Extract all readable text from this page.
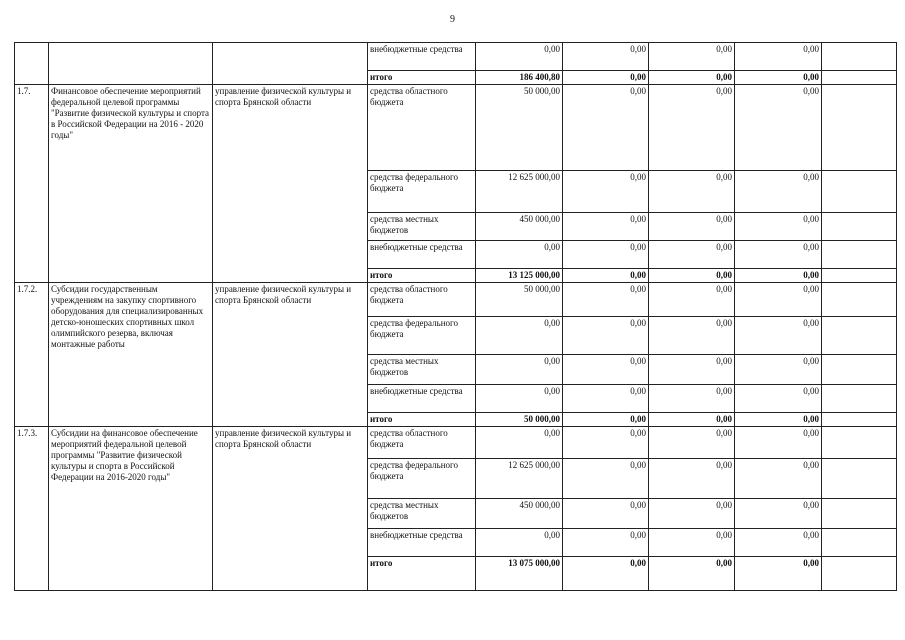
9
			внебюджетные средства	0,00	0,00	0,00	0,00	
			итого	186 400,80	0,00	0,00	0,00	
1.7.	Финансовое обеспечение мероприятий федеральной целевой программы "Развитие физической культуры и спорта в Российской Федерации на 2016 - 2020 годы"	управление физической культуры и спорта Брянской области	средства областного бюджета	50 000,00	0,00	0,00	0,00	
			средства федерального бюджета	12 625 000,00	0,00	0,00	0,00	
			средства местных бюджетов	450 000,00	0,00	0,00	0,00	
			внебюджетные средства	0,00	0,00	0,00	0,00	
			итого	13 125 000,00	0,00	0,00	0,00	
1.7.2.	Субсидии государственным учреждениям на закупку спортивного оборудования для специализированных детско-юношеских спортивных школ олимпийского резерва, включая монтажные работы	управление физической культуры и спорта Брянской области	средства областного бюджета	50 000,00	0,00	0,00	0,00	
			средства федерального бюджета	0,00	0,00	0,00	0,00	
			средства местных бюджетов	0,00	0,00	0,00	0,00	
			внебюджетные средства	0,00	0,00	0,00	0,00	
			итого	50 000,00	0,00	0,00	0,00	
1.7.3.	Субсидии на финансовое обеспечение мероприятий федеральной целевой программы "Развитие физической культуры и спорта в Российской Федерации на 2016-2020 годы"	управление физической культуры и спорта Брянской области	средства областного бюджета	0,00	0,00	0,00	0,00	
			средства федерального бюджета	12 625 000,00	0,00	0,00	0,00	
			средства местных бюджетов	450 000,00	0,00	0,00	0,00	
			внебюджетные средства	0,00	0,00	0,00	0,00	
			итого	13 075 000,00	0,00	0,00	0,00	
